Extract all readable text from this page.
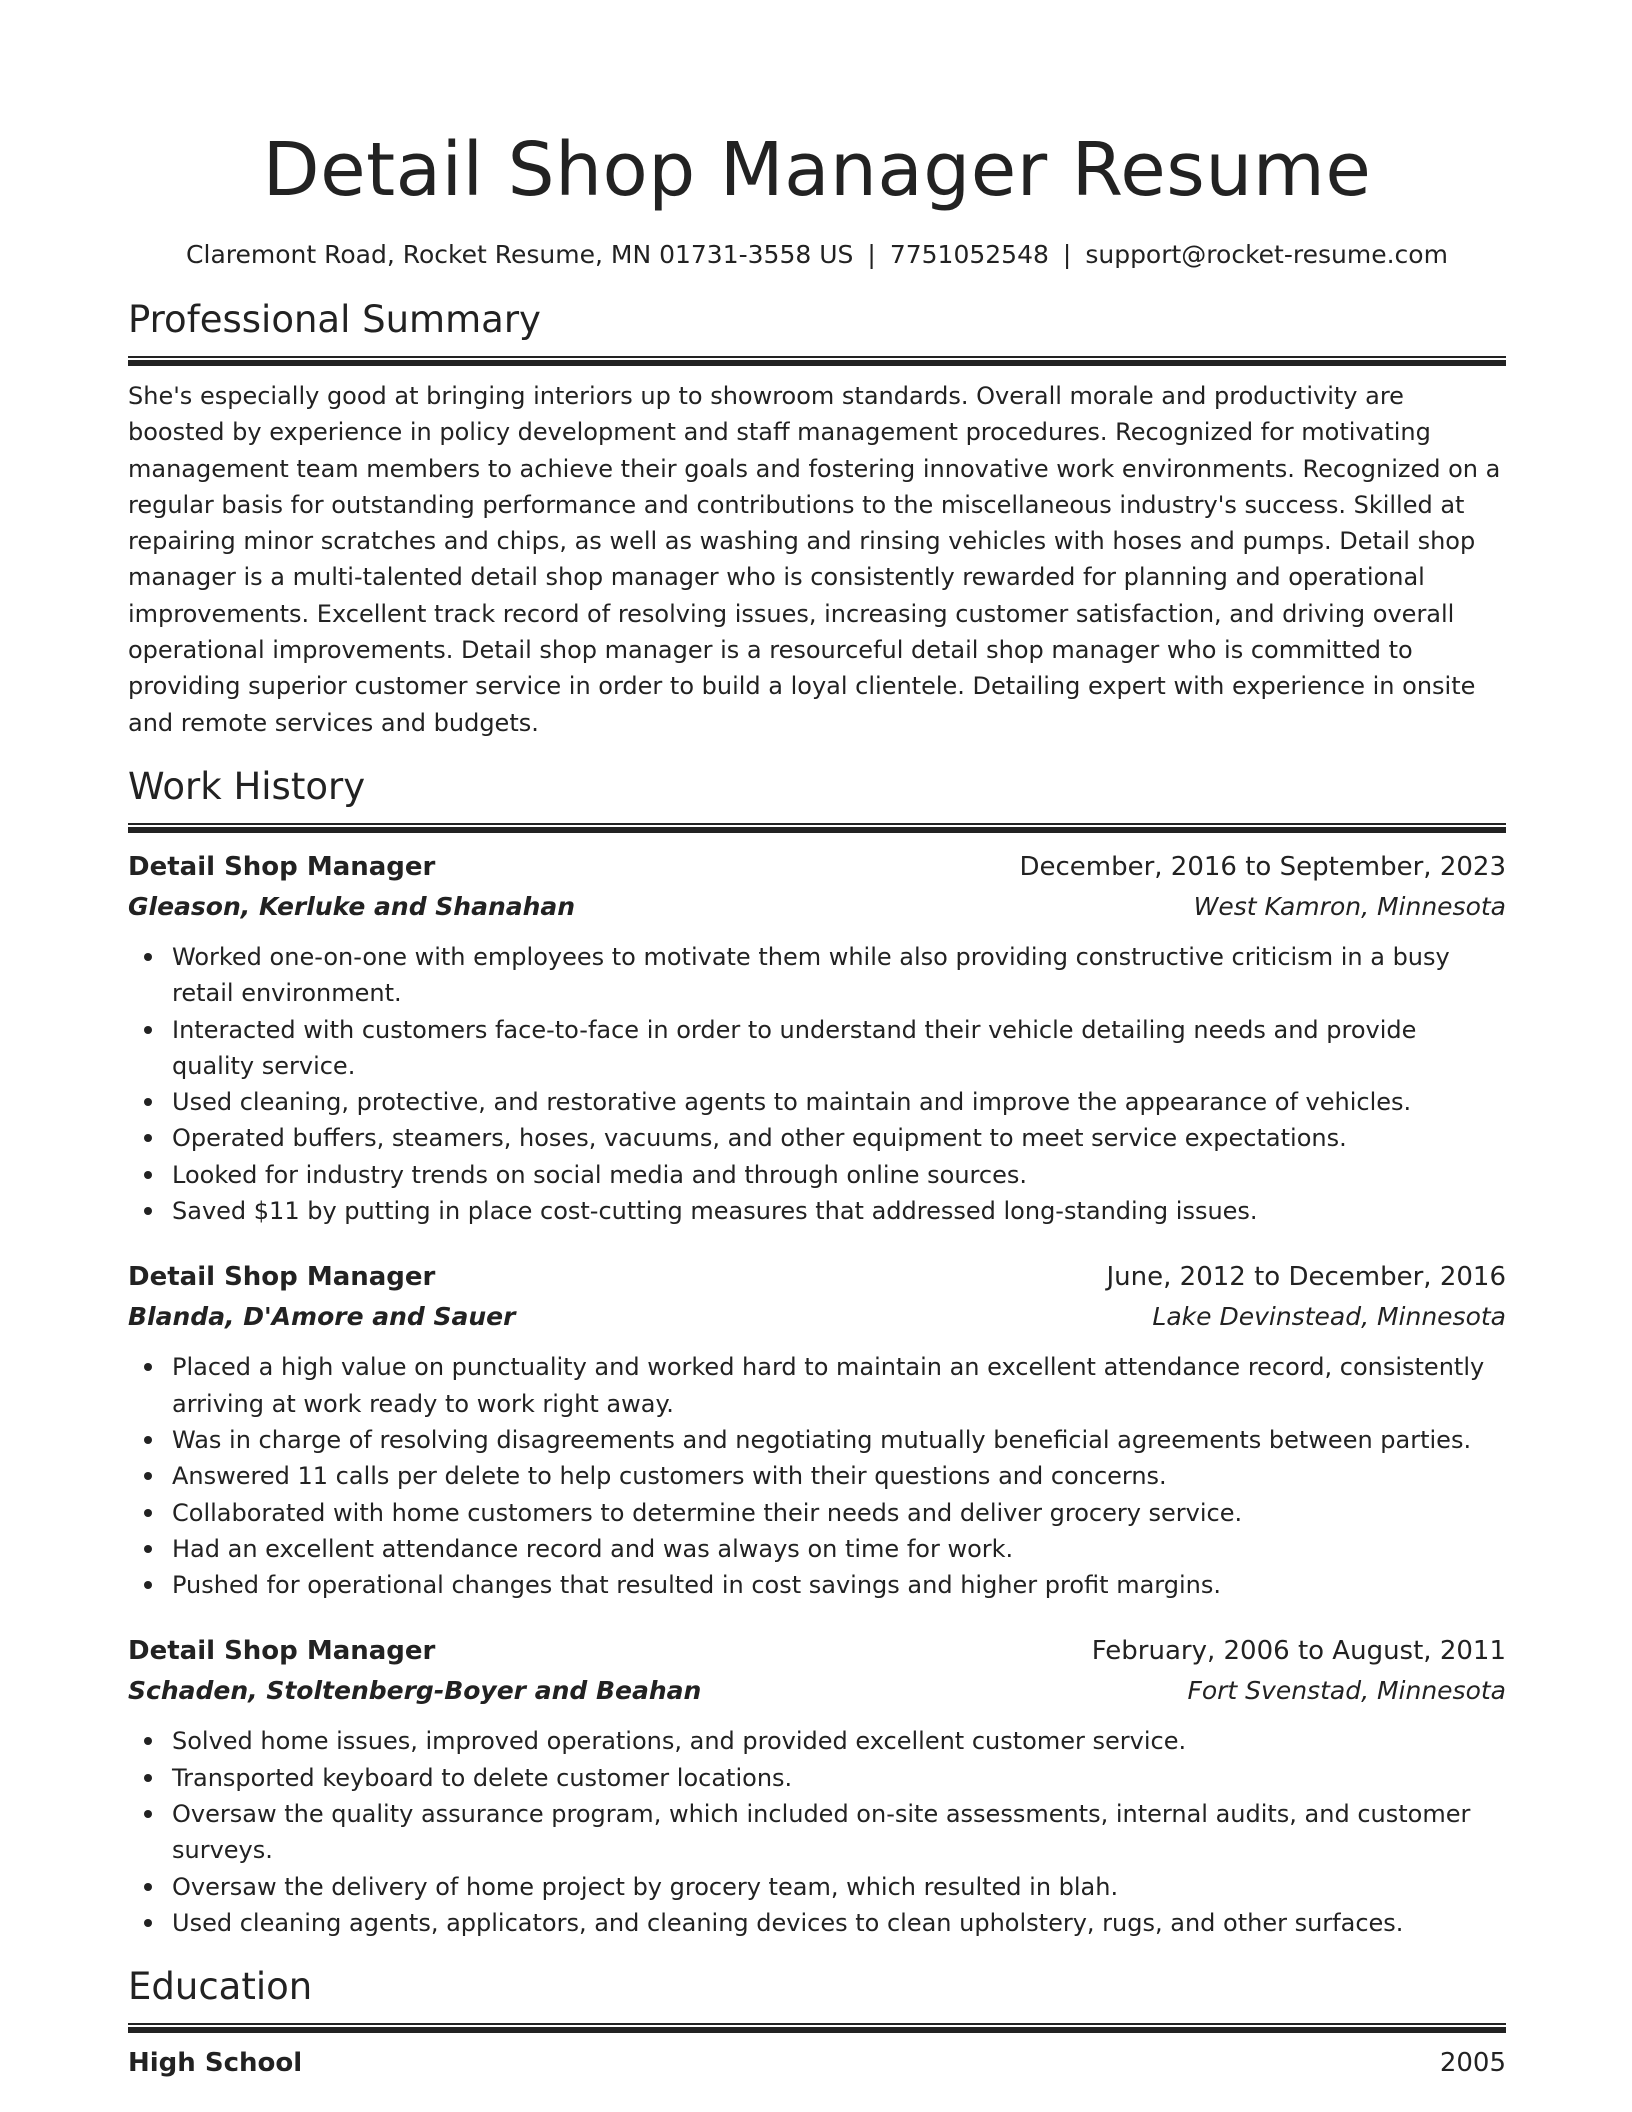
Detail Shop Manager Resume
Claremont Road, Rocket Resume, MN 01731-3558 US | 7751052548 | support@rocket-resume.com
Professional Summary

She's especially good at bringing interiors up to showroom standards. Overall morale and productivity are boosted by experience in policy development and staff management procedures. Recognized for motivating management team members to achieve their goals and fostering innovative work environments. Recognized on a regular basis for outstanding performance and contributions to the miscellaneous industry's success. Skilled at repairing minor scratches and chips, as well as washing and rinsing vehicles with hoses and pumps. Detail shop manager is a multi-talented detail shop manager who is consistently rewarded for planning and operational improvements. Excellent track record of resolving issues, increasing customer satisfaction, and driving overall operational improvements. Detail shop manager is a resourceful detail shop manager who is committed to providing superior customer service in order to build a loyal clientele. Detailing expert with experience in onsite and remote services and budgets.

Work History
Detail Shop Manager	December, 2016 to September, 2023
Gleason, Kerluke and Shanahan	West Kamron, Minnesota
Worked one-on-one with employees to motivate them while also providing constructive criticism in a busy retail environment.
Interacted with customers face-to-face in order to understand their vehicle detailing needs and provide quality service.
Used cleaning, protective, and restorative agents to maintain and improve the appearance of vehicles.
Operated buffers, steamers, hoses, vacuums, and other equipment to meet service expectations.
Looked for industry trends on social media and through online sources.
Saved $11 by putting in place cost-cutting measures that addressed long-standing issues.
Detail Shop Manager	June, 2012 to December, 2016
Blanda, D'Amore and Sauer	Lake Devinstead, Minnesota
Placed a high value on punctuality and worked hard to maintain an excellent attendance record, consistently arriving at work ready to work right away.
Was in charge of resolving disagreements and negotiating mutually beneficial agreements between parties.
Answered 11 calls per delete to help customers with their questions and concerns.
Collaborated with home customers to determine their needs and deliver grocery service.
Had an excellent attendance record and was always on time for work.
Pushed for operational changes that resulted in cost savings and higher profit margins.
Detail Shop Manager	February, 2006 to August, 2011
Schaden, Stoltenberg-Boyer and Beahan	Fort Svenstad, Minnesota
Solved home issues, improved operations, and provided excellent customer service.
Transported keyboard to delete customer locations.
Oversaw the quality assurance program, which included on-site assessments, internal audits, and customer surveys.
Oversaw the delivery of home project by grocery team, which resulted in blah.
Used cleaning agents, applicators, and cleaning devices to clean upholstery, rugs, and other surfaces.
Education
High School	2005
